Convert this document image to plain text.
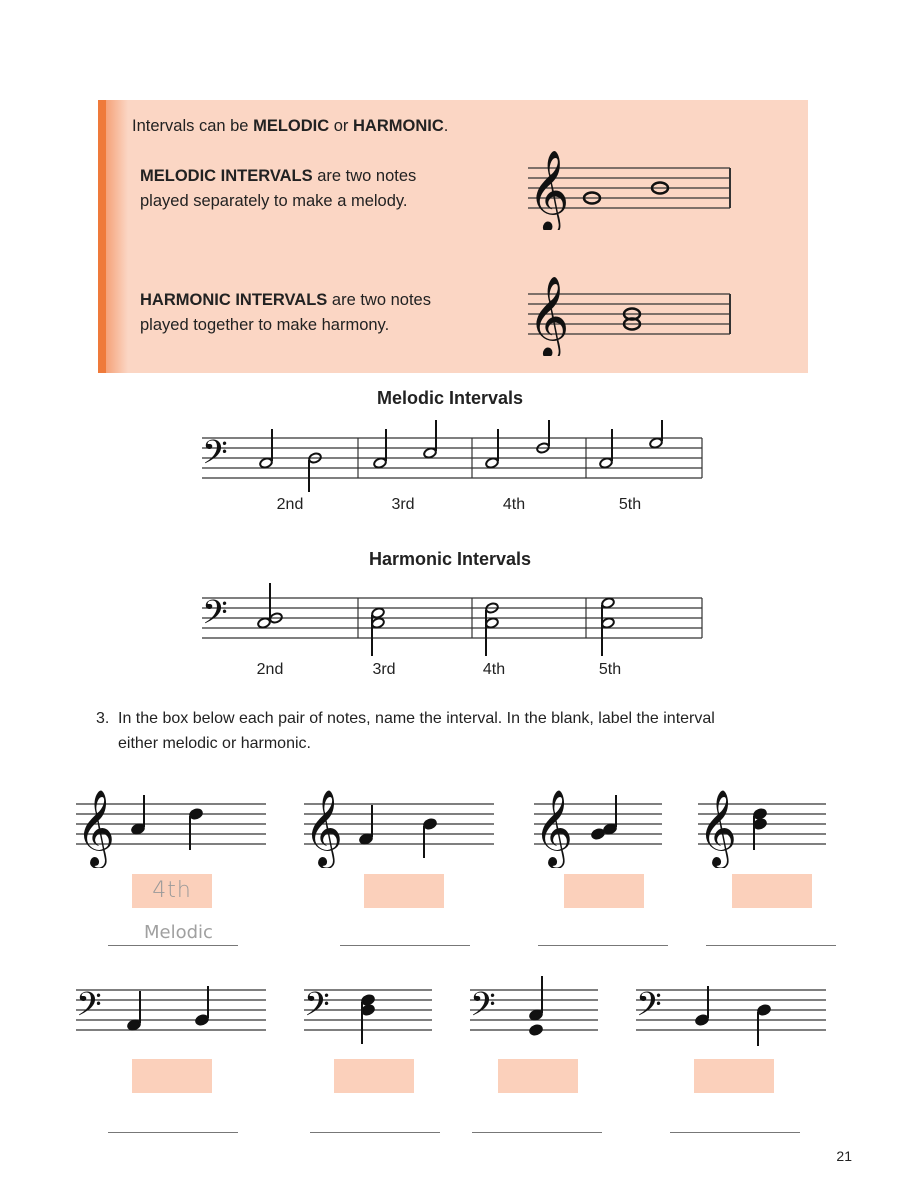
Intervals can be MELODIC or HARMONIC.
MELODIC INTERVALS are two notes
played separately to make a melody.
HARMONIC INTERVALS are two notes
played together to make harmony.
𝄞
𝄞
Melodic Intervals
𝄢
2nd	3rd	4th	5th
Harmonic Intervals
𝄢
2nd	3rd	4th	5th
3. In the box below each pair of notes, name the interval. In the blank, label the interval
either melodic or harmonic.
𝄞	𝄞	𝄞 𝄞
4th
Melodic
𝄢	𝄢	𝄢	𝄢
21
